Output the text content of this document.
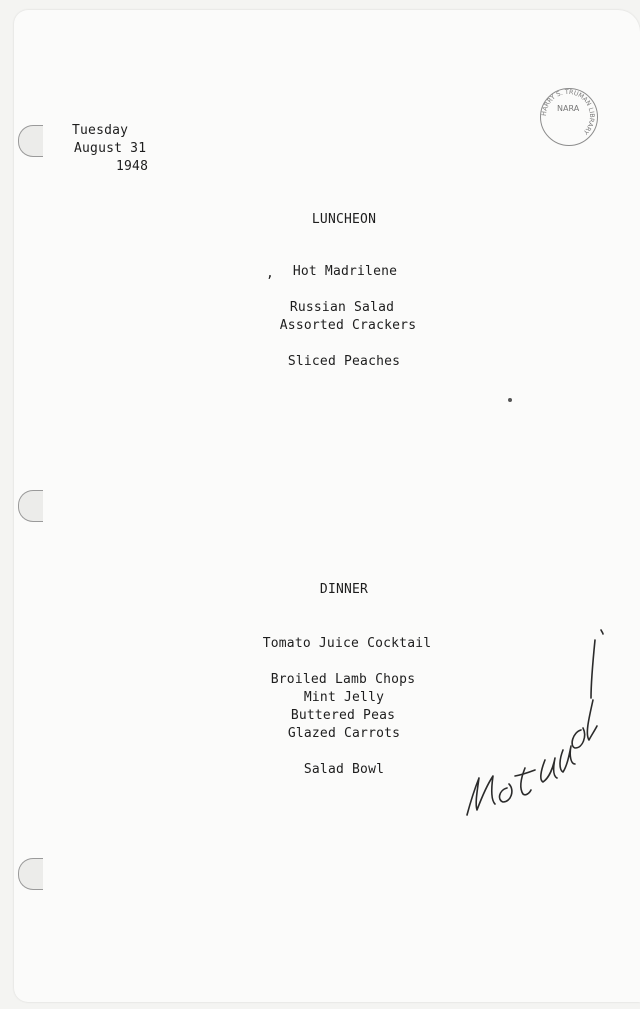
HARRY S. TRUMAN LIBRARY
NARA
Tuesday
August 31
1948
LUNCHEON
, Hot Madrilene
Russian Salad
Assorted Crackers
Sliced Peaches
DINNER
Tomato Juice Cocktail
Broiled Lamb Chops
Mint Jelly
Buttered Peas
Glazed Carrots
Salad Bowl
